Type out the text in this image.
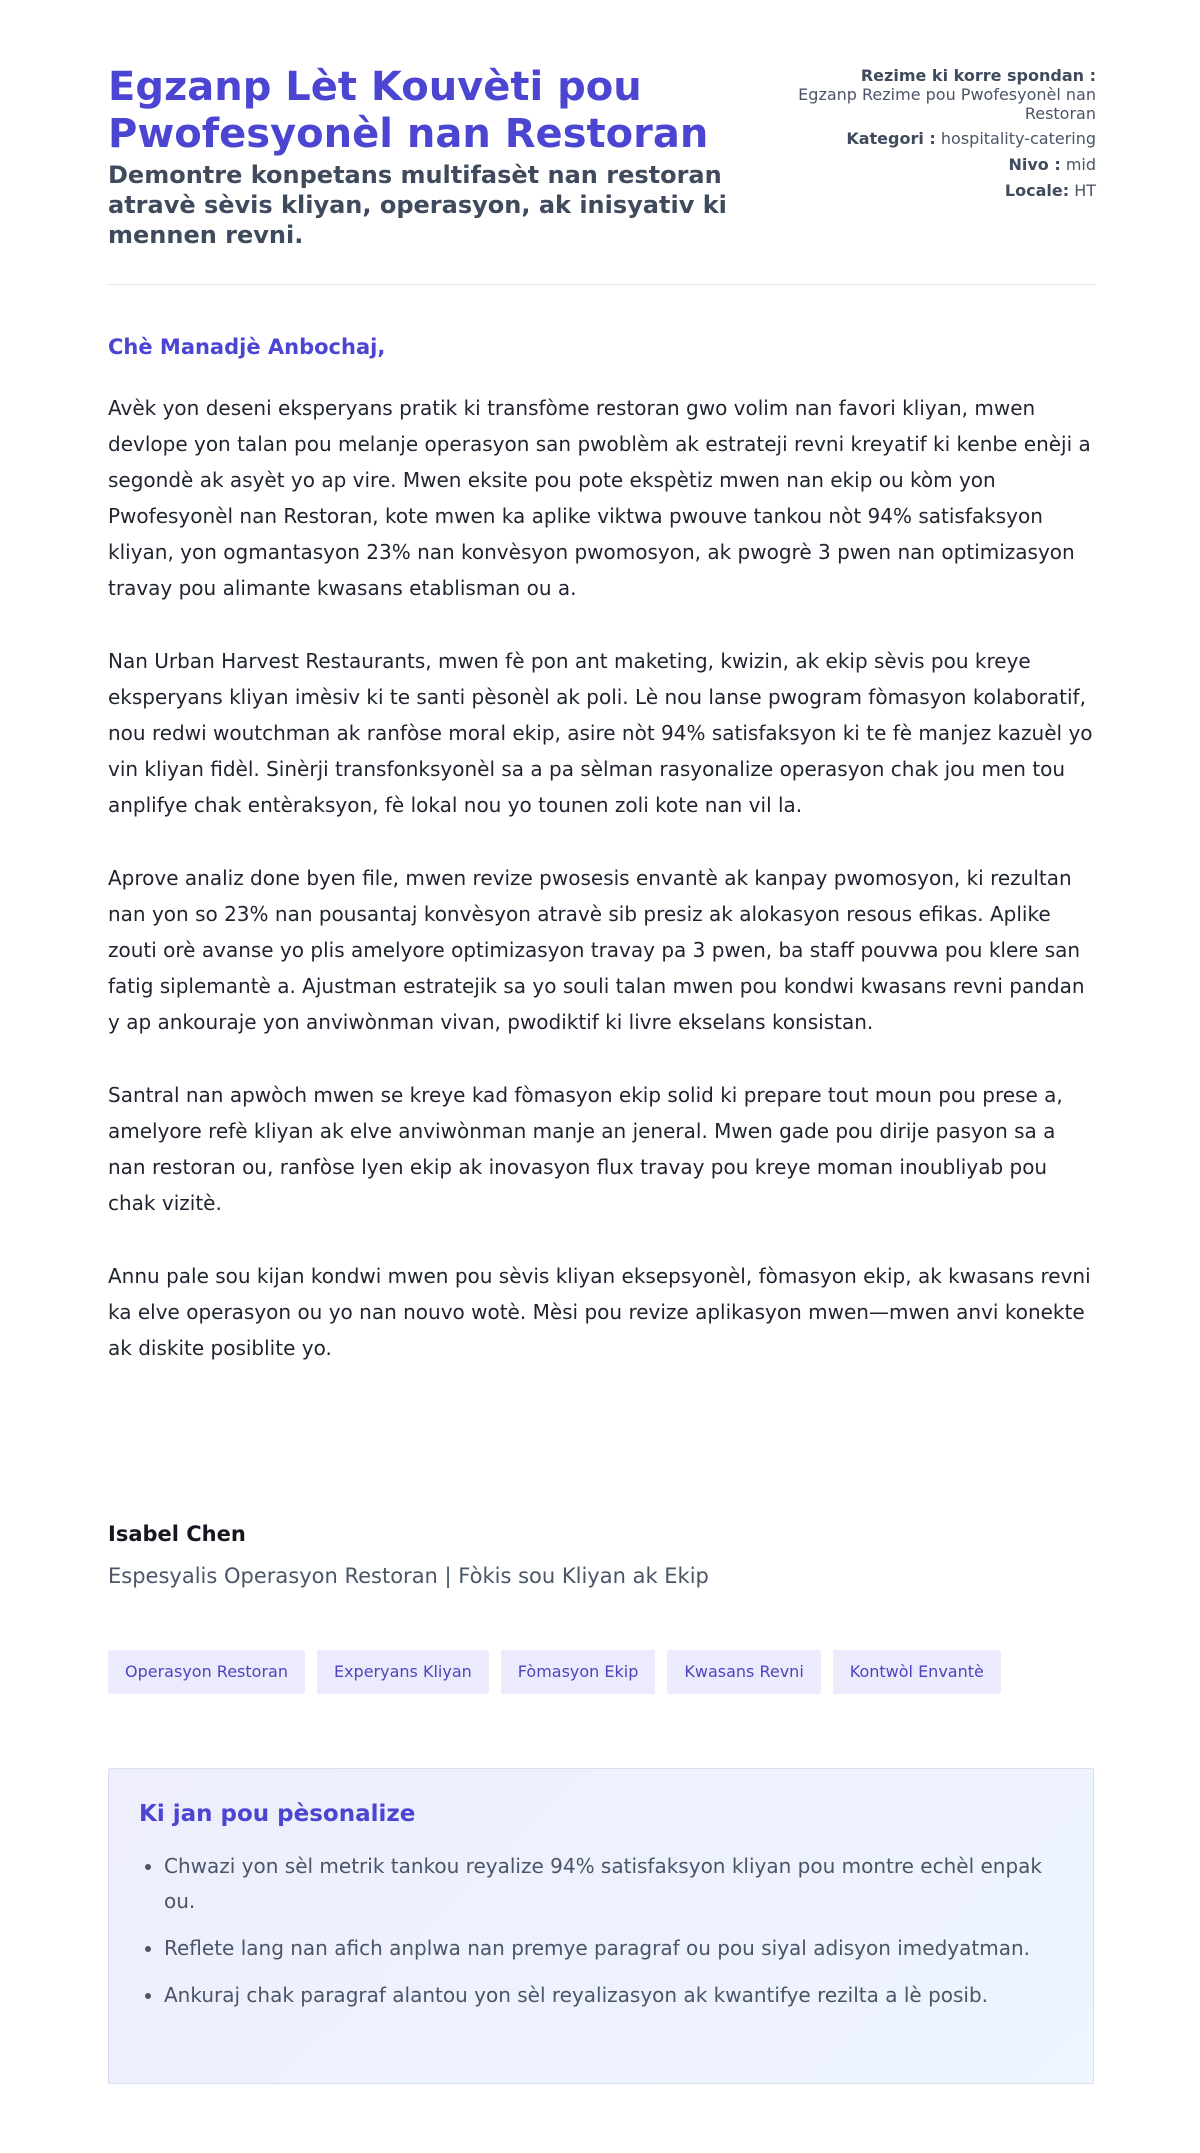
Egzanp Lèt Kouvèti pou Pwofesyonèl nan Restoran
Demontre konpetans multifasèt nan restoran atravè sèvis kliyan, operasyon, ak inisyativ ki mennen revni.
Rezime ki korre spondan :
Egzanp Rezime pou Pwofesyonèl nan Restoran
Kategori : hospitality-catering
Nivo : mid
Locale: HT

Chè Manadjè Anbochaj,

Avèk yon deseni eksperyans pratik ki transfòme restoran gwo volim nan favori kliyan, mwen devlope yon talan pou melanje operasyon san pwoblèm ak estrateji revni kreyatif ki kenbe enèji a segondè ak asyèt yo ap vire. Mwen eksite pou pote ekspètiz mwen nan ekip ou kòm yon Pwofesyonèl nan Restoran, kote mwen ka aplike viktwa pwouve tankou nòt 94% satisfaksyon kliyan, yon ogmantasyon 23% nan konvèsyon pwomosyon, ak pwogrè 3 pwen nan optimizasyon travay pou alimante kwasans etablisman ou a.

Nan Urban Harvest Restaurants, mwen fè pon ant maketing, kwizin, ak ekip sèvis pou kreye eksperyans kliyan imèsiv ki te santi pèsonèl ak poli. Lè nou lanse pwogram fòmasyon kolaboratif, nou redwi woutchman ak ranfòse moral ekip, asire nòt 94% satisfaksyon ki te fè manjez kazuèl yo vin kliyan fidèl. Sinèrji transfonksyonèl sa a pa sèlman rasyonalize operasyon chak jou men tou anplifye chak entèraksyon, fè lokal nou yo tounen zoli kote nan vil la.

Aprove analiz done byen file, mwen revize pwosesis envantè ak kanpay pwomosyon, ki rezultan nan yon so 23% nan pousantaj konvèsyon atravè sib presiz ak alokasyon resous efikas. Aplike zouti orè avanse yo plis amelyore optimizasyon travay pa 3 pwen, ba staff pouvwa pou klere san fatig siplemantè a. Ajustman estratejik sa yo souli talan mwen pou kondwi kwasans revni pandan y ap ankouraje yon anviwònman vivan, pwodiktif ki livre ekselans konsistan.

Santral nan apwòch mwen se kreye kad fòmasyon ekip solid ki prepare tout moun pou prese a, amelyore refè kliyan ak elve anviwònman manje an jeneral. Mwen gade pou dirije pasyon sa a nan restoran ou, ranfòse lyen ekip ak inovasyon flux travay pou kreye moman inoubliyab pou chak vizitè.

Annu pale sou kijan kondwi mwen pou sèvis kliyan eksepsyonèl, fòmasyon ekip, ak kwasans revni ka elve operasyon ou yo nan nouvo wotè. Mèsi pou revize aplikasyon mwen—mwen anvi konekte ak diskite posiblite yo.

Isabel Chen

Espesyalis Operasyon Restoran | Fòkis sou Kliyan ak Ekip

Operasyon Restoran	Experyans Kliyan	Fòmasyon Ekip	Kwasans Revni	Kontwòl Envantè
Ki jan pou pèsonalize
• Chwazi yon sèl metrik tankou reyalize 94% satisfaksyon kliyan pou montre echèl enpak ou.
• Reflete lang nan afich anplwa nan premye paragraf ou pou siyal adisyon imedyatman.
• Ankuraj chak paragraf alantou yon sèl reyalizasyon ak kwantifye rezilta a lè posib.
